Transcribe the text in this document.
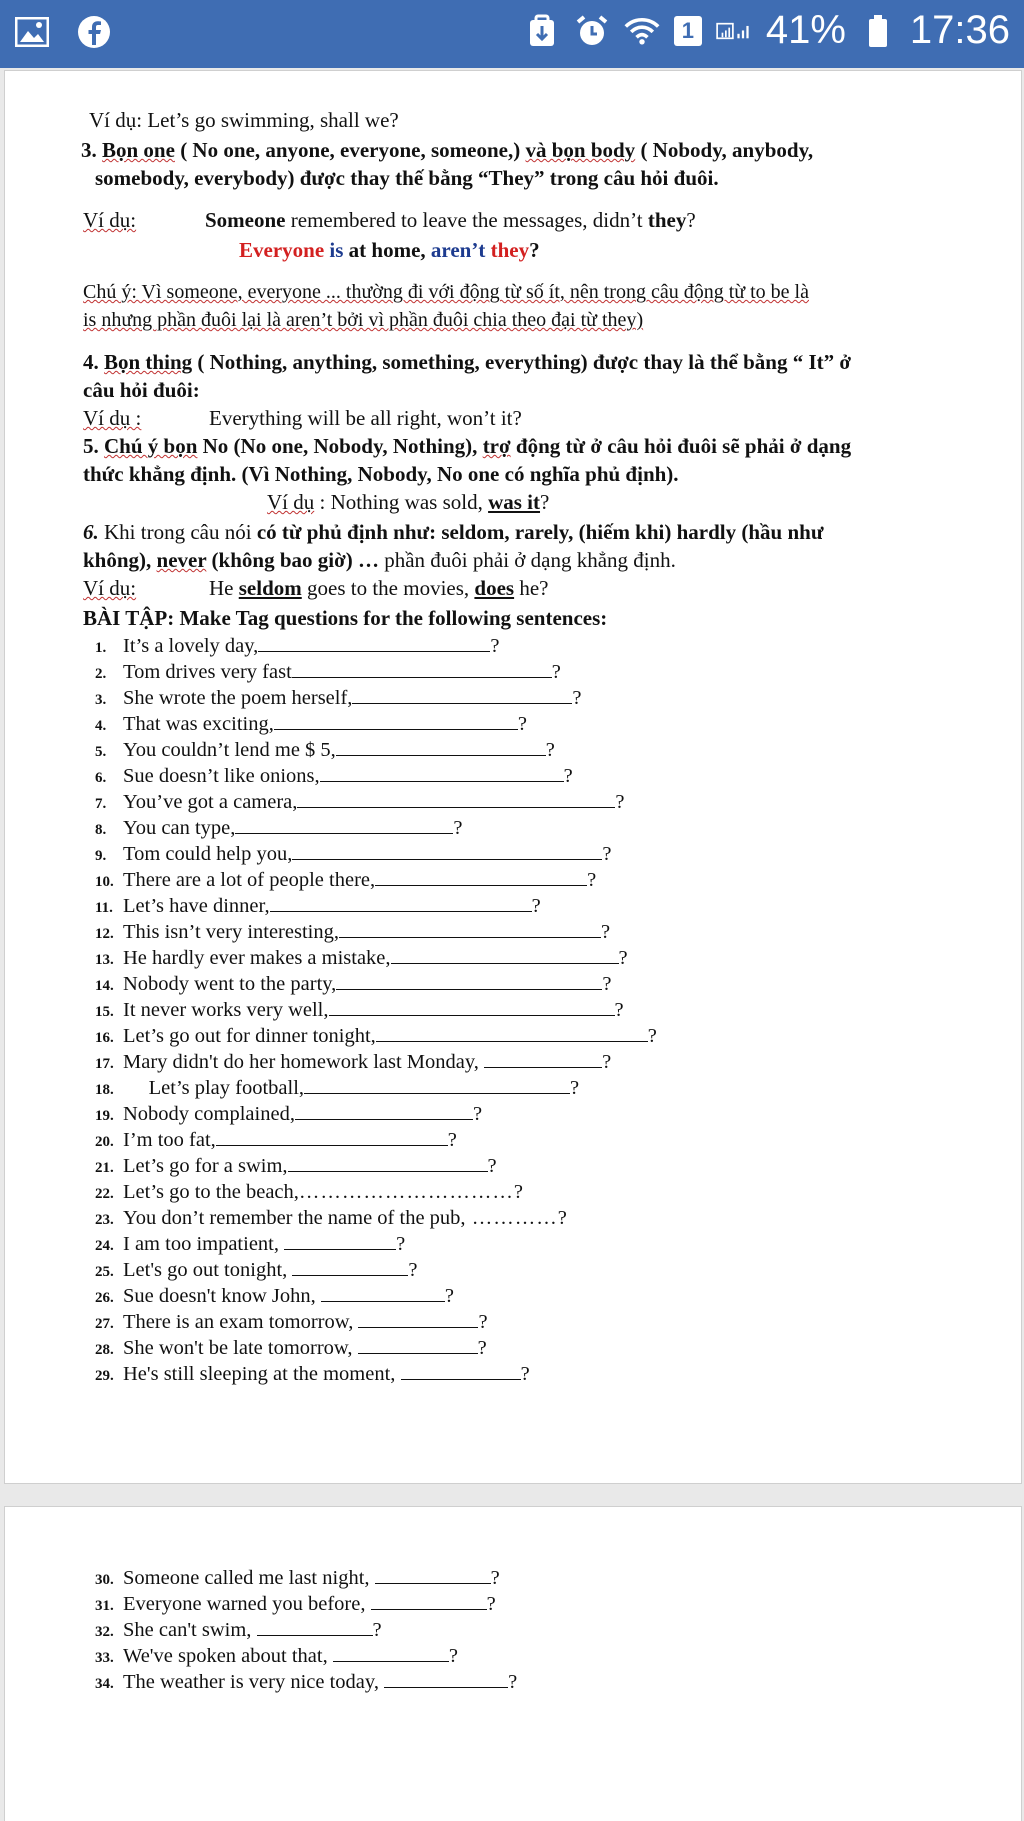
1 41% 17:36
Ví dụ: Let’s go swimming, shall we?
3. Bọn one ( No one, anyone, everyone, someone,) và bọn body ( Nobody, anybody,
somebody, everybody) được thay thế bằng “They” trong câu hỏi đuôi.
Ví dụ:	Someone remembered to leave the messages, didn’t they?
Everyone is at home, aren’t they?
Chú ý: Vì someone, everyone ... thường đi với động từ số ít, nên trong câu động từ to be là
is nhưng phần đuôi lại là aren’t bởi vì phần đuôi chia theo đại từ they)
4. Bọn thing ( Nothing, anything, something, everything) được thay là thể bằng “ It” ở
câu hỏi đuôi:
Ví dụ :	Everything will be all right, won’t it?
5. Chú ý bọn No (No one, Nobody, Nothing), trợ động từ ở câu hỏi đuôi sẽ phải ở dạng
thức khẳng định. (Vì Nothing, Nobody, No one có nghĩa phủ định).
Ví dụ : Nothing was sold, was it?
6. Khi trong câu nói có từ phủ định như: seldom, rarely, (hiếm khi) hardly (hầu như
không), never (không bao giờ) … phần đuôi phải ở dạng khẳng định.
Ví dụ:	He seldom goes to the movies, does he?
BÀI TẬP: Make Tag questions for the following sentences:
1. It’s a lovely day,	?
2. Tom drives very fast	?
3. She wrote the poem herself,	?
4. That was exciting,	?
5. You couldn’t lend me $ 5,	?
6. Sue doesn’t like onions,	?
7. You’ve got a camera,	?
8. You can type,	?
9. Tom could help you,	?
10. There are a lot of people there,	?
11. Let’s have dinner,	?
12. This isn’t very interesting,	?
13. He hardly ever makes a mistake,	?
14. Nobody went to the party,	?
15. It never works very well,	?
16. Let’s go out for dinner tonight,	?
17. Mary didn't do her homework last Monday,	?
18. Let’s play football,	?
19. Nobody complained,	?
20. I’m too fat,	?
21. Let’s go for a swim,	?
22. Let’s go to the beach,…………………………?
23. You don’t remember the name of the pub, …………?
24. I am too impatient,	?
25. Let's go out tonight,	?
26. Sue doesn't know John,	?
27. There is an exam tomorrow,	?
28. She won't be late tomorrow,	?
29. He's still sleeping at the moment,	?
30. Someone called me last night,	?
31. Everyone warned you before,	?
32. She can't swim,	?
33. We've spoken about that,	?
34. The weather is very nice today,	?
